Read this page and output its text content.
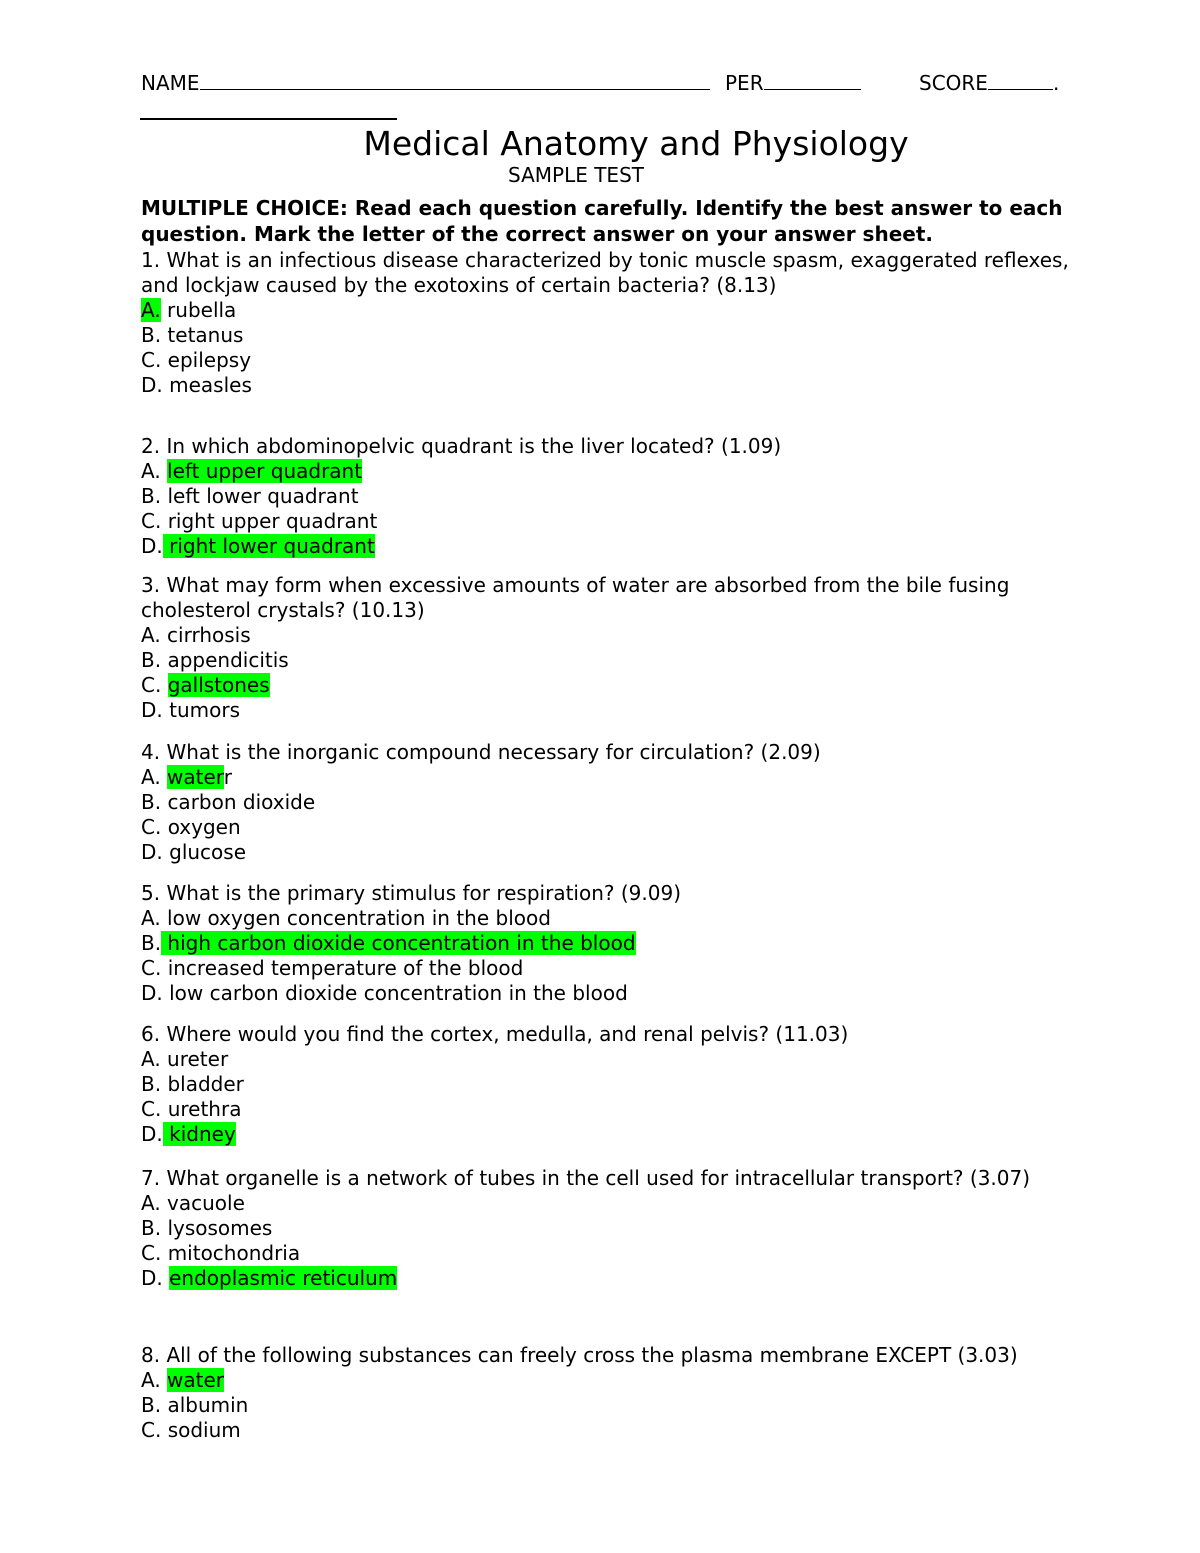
NAME	PER	SCORE	.
Medical Anatomy and Physiology
SAMPLE TEST
MULTIPLE CHOICE: Read each question carefully. Identify the best answer to each question. Mark the letter of the correct answer on your answer sheet.

1. What is an infectious disease characterized by tonic muscle spasm, exaggerated reflexes, and lockjaw caused by the exotoxins of certain bacteria? (8.13)

A. rubella

B. tetanus

C. epilepsy

D. measles

2. In which abdominopelvic quadrant is the liver located? (1.09)

A. left upper quadrant

B. left lower quadrant

C. right upper quadrant

D. right lower quadrant

3. What may form when excessive amounts of water are absorbed from the bile fusing cholesterol crystals? (10.13)

A. cirrhosis

B. appendicitis

C. gallstones

D. tumors

4. What is the inorganic compound necessary for circulation? (2.09)

A. waterr

B. carbon dioxide

C. oxygen

D. glucose

5. What is the primary stimulus for respiration? (9.09)

A. low oxygen concentration in the blood

B. high carbon dioxide concentration in the blood

C. increased temperature of the blood

D. low carbon dioxide concentration in the blood

6. Where would you find the cortex, medulla, and renal pelvis? (11.03)

A. ureter

B. bladder

C. urethra

D. kidney

7. What organelle is a network of tubes in the cell used for intracellular transport? (3.07)

A. vacuole

B. lysosomes

C. mitochondria

D. endoplasmic reticulum

8. All of the following substances can freely cross the plasma membrane EXCEPT (3.03)

A. water

B. albumin

C. sodium
